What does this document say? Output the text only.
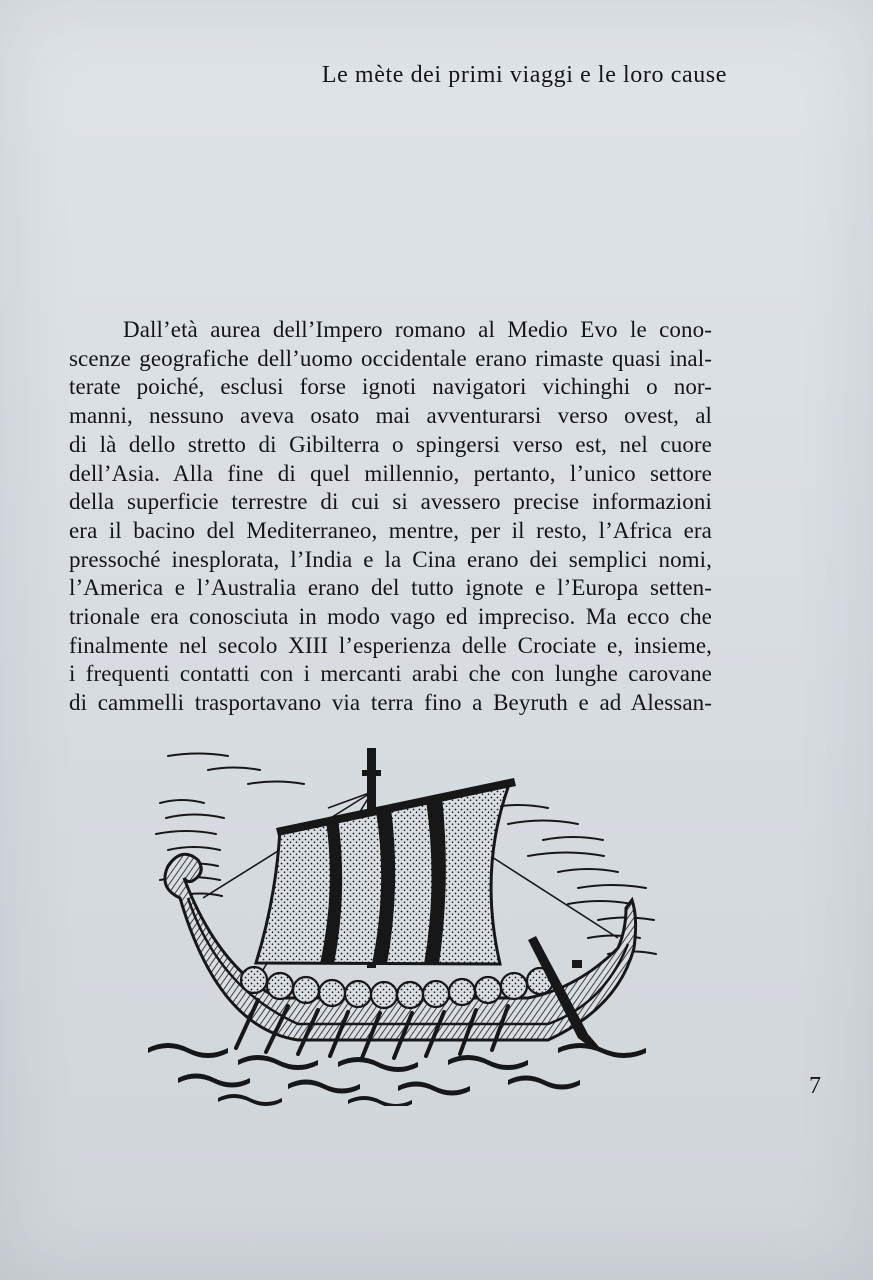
Le mète dei primi viaggi e le loro cause
Dall’età aurea dell’Impero romano al Medio Evo le cono-
scenze geografiche dell’uomo occidentale erano rimaste quasi inal-
terate poiché, esclusi forse ignoti navigatori vichinghi o nor-
manni, nessuno aveva osato mai avventurarsi verso ovest, al
di là dello stretto di Gibilterra o spingersi verso est, nel cuore
dell’Asia. Alla fine di quel millennio, pertanto, l’unico settore
della superficie terrestre di cui si avessero precise informazioni
era il bacino del Mediterraneo, mentre, per il resto, l’Africa era
pressoché inesplorata, l’India e la Cina erano dei semplici nomi,
l’America e l’Australia erano del tutto ignote e l’Europa setten-
trionale era conosciuta in modo vago ed impreciso. Ma ecco che
finalmente nel secolo XIII l’esperienza delle Crociate e, insieme,
i frequenti contatti con i mercanti arabi che con lunghe carovane
di cammelli trasportavano via terra fino a Beyruth e ad Alessan-
7
